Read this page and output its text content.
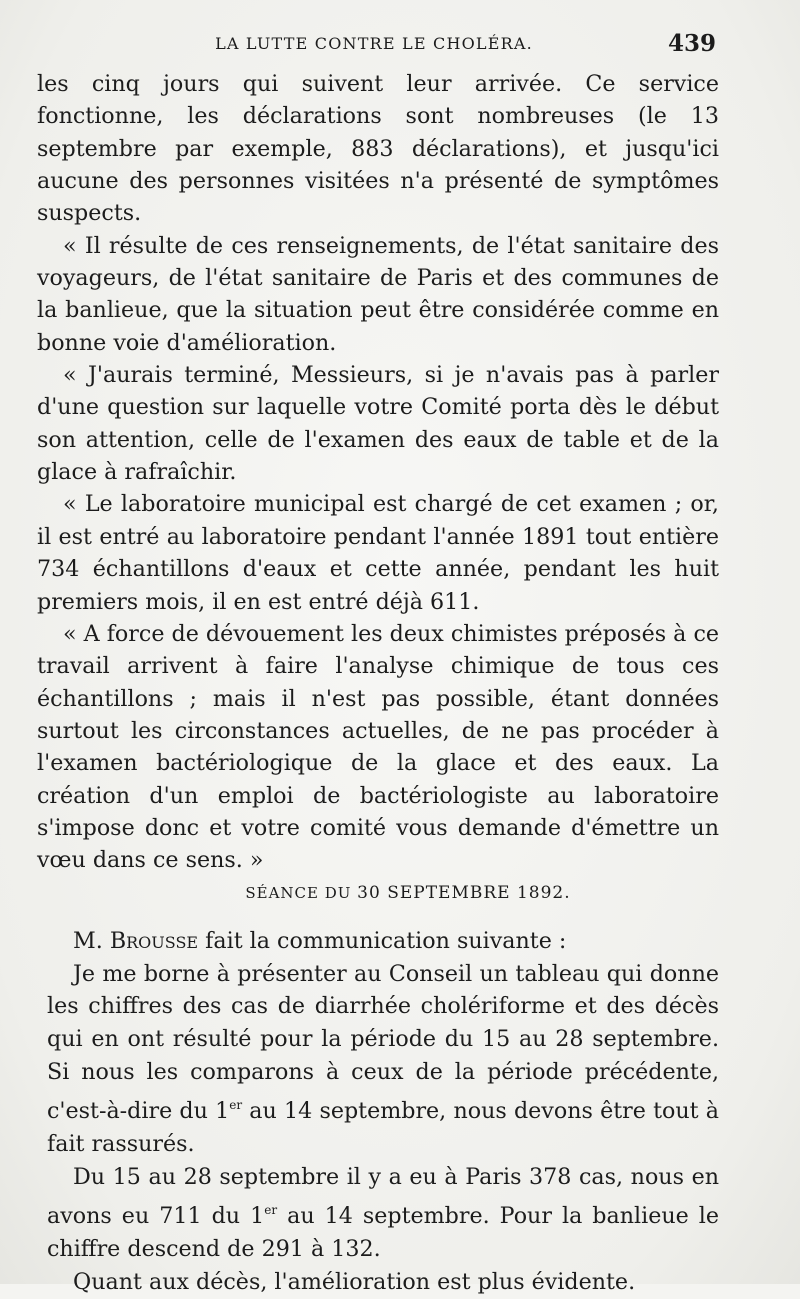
LA LUTTE CONTRE LE CHOLÉRA.	439

les cinq jours qui suivent leur arrivée. Ce service fonctionne, les déclarations sont nombreuses (le 13 septembre par exemple, 883 déclarations), et jusqu'ici aucune des personnes visitées n'a présenté de symptômes suspects.

« Il résulte de ces renseignements, de l'état sanitaire des voyageurs, de l'état sanitaire de Paris et des communes de la banlieue, que la situation peut être considérée comme en bonne voie d'amélioration.

« J'aurais terminé, Messieurs, si je n'avais pas à parler d'une question sur laquelle votre Comité porta dès le début son attention, celle de l'examen des eaux de table et de la glace à rafraîchir.

« Le laboratoire municipal est chargé de cet examen ; or, il est entré au laboratoire pendant l'année 1891 tout entière 734 échantillons d'eaux et cette année, pendant les huit premiers mois, il en est entré déjà 611.

« A force de dévouement les deux chimistes préposés à ce travail arrivent à faire l'analyse chimique de tous ces échantillons ; mais il n'est pas possible, étant données surtout les circonstances actuelles, de ne pas procéder à l'examen bactériologique de la glace et des eaux. La création d'un emploi de bactériologiste au laboratoire s'impose donc et votre comité vous demande d'émettre un vœu dans ce sens. »

SÉANCE DU 30 SEPTEMBRE 1892.

M. Brousse fait la communication suivante :

Je me borne à présenter au Conseil un tableau qui donne les chiffres des cas de diarrhée cholériforme et des décès qui en ont résulté pour la période du 15 au 28 septembre. Si nous les comparons à ceux de la période précédente, c'est-à-dire du 1er au 14 septembre, nous devons être tout à fait rassurés.

Du 15 au 28 septembre il y a eu à Paris 378 cas, nous en avons eu 711 du 1er au 14 septembre. Pour la banlieue le chiffre descend de 291 à 132.

Quant aux décès, l'amélioration est plus évidente.
